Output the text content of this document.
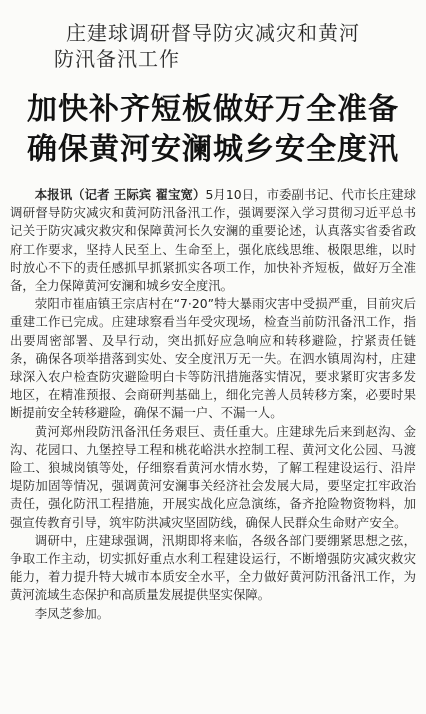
庄建球调研督导防灾减灾和黄河
防汛备汛工作
加快补齐短板做好万全准备
确保黄河安澜城乡安全度汛

本报讯（记者 王际宾 翟宝宽）5月10日，市委副书记、代市长庄建球调研督导防灾减灾和黄河防汛备汛工作，强调要深入学习贯彻习近平总书记关于防灾减灾救灾和保障黄河长久安澜的重要论述，认真落实省委省政府工作要求，坚持人民至上、生命至上，强化底线思维、极限思维，以时时放心不下的责任感抓早抓紧抓实各项工作，加快补齐短板，做好万全准备，全力保障黄河安澜和城乡安全度汛。

荥阳市崔庙镇王宗店村在“7·20”特大暴雨灾害中受损严重，目前灾后重建工作已完成。庄建球察看当年受灾现场，检查当前防汛备汛工作，指出要周密部署、及早行动，突出抓好应急响应和转移避险，拧紧责任链条，确保各项举措落到实处、安全度汛万无一失。在泗水镇周沟村，庄建球深入农户检查防灾避险明白卡等防汛措施落实情况，要求紧盯灾害多发地区，在精准预报、会商研判基础上，细化完善人员转移方案，必要时果断提前安全转移避险，确保不漏一户、不漏一人。

黄河郑州段防汛备汛任务艰巨、责任重大。庄建球先后来到赵沟、金沟、花园口、九堡控导工程和桃花峪洪水控制工程、黄河文化公园、马渡险工、狼城岗镇等处，仔细察看黄河水情水势，了解工程建设运行、沿岸堤防加固等情况，强调黄河安澜事关经济社会发展大局，要坚定扛牢政治责任，强化防汛工程措施，开展实战化应急演练，备齐抢险物资物料，加强宣传教育引导，筑牢防洪减灾坚固防线，确保人民群众生命财产安全。

调研中，庄建球强调，汛期即将来临，各级各部门要绷紧思想之弦，争取工作主动，切实抓好重点水利工程建设运行，不断增强防灾减灾救灾能力，着力提升特大城市本质安全水平，全力做好黄河防汛备汛工作，为黄河流域生态保护和高质量发展提供坚实保障。

李凤芝参加。
